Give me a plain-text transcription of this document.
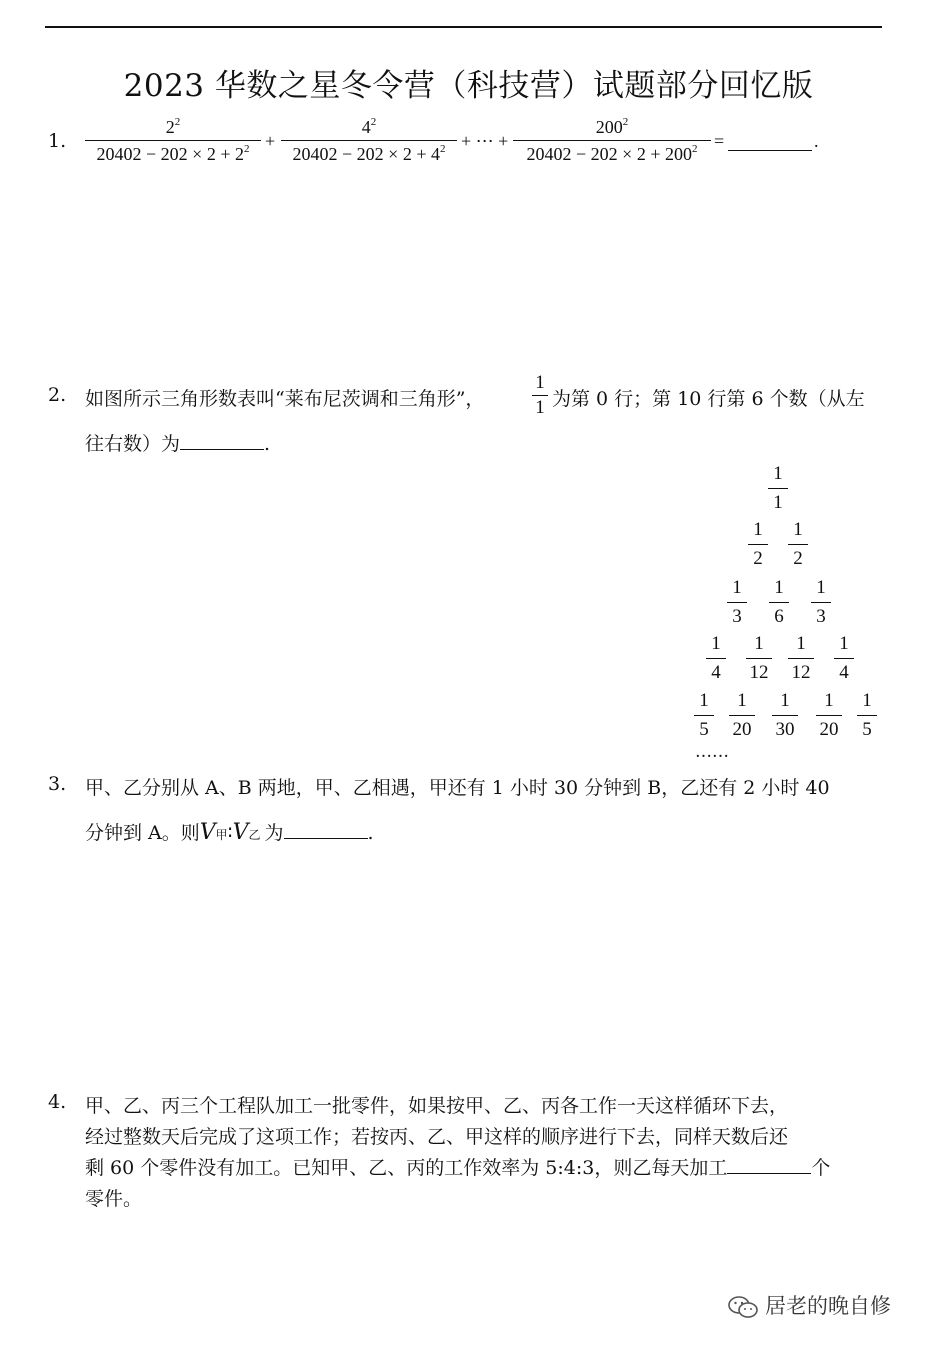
2023 华数之星冬令营（科技营）试题部分回忆版
1.
$2^2$
$20402 - 202 \times 2 + 2^2$ +
$4^2$
$20402 - 202 \times 2 + 4^2$ + ⋯ +
$200^2$
$20402 - 202 \times 2 + 200^2$ =	.
2. 如图所示三角形数表叫“莱布尼茨调和三角形”，
1
1 为第 0 行；第 10 行第 6 个数（从左
往右数）为	.
1
1
1
2
1
2
1
3
1
6
1
3
1
4
1
12
1
12
1
4
1
5
1
20
1
30
1
20
1
5
……
3. 甲、乙分别从 A、B 两地，甲、乙相遇，甲还有 1 小时 30 分钟到 B，乙还有 2 小时 40
分钟到 A。则V甲∶V乙 为	.
4. 甲、乙、丙三个工程队加工一批零件，如果按甲、乙、丙各工作一天这样循环下去，
经过整数天后完成了这项工作；若按丙、乙、甲这样的顺序进行下去，同样天数后还
剩 60 个零件没有加工。已知甲、乙、丙的工作效率为 5:4:3，则乙每天加工	个
零件。
居老的晚自修
